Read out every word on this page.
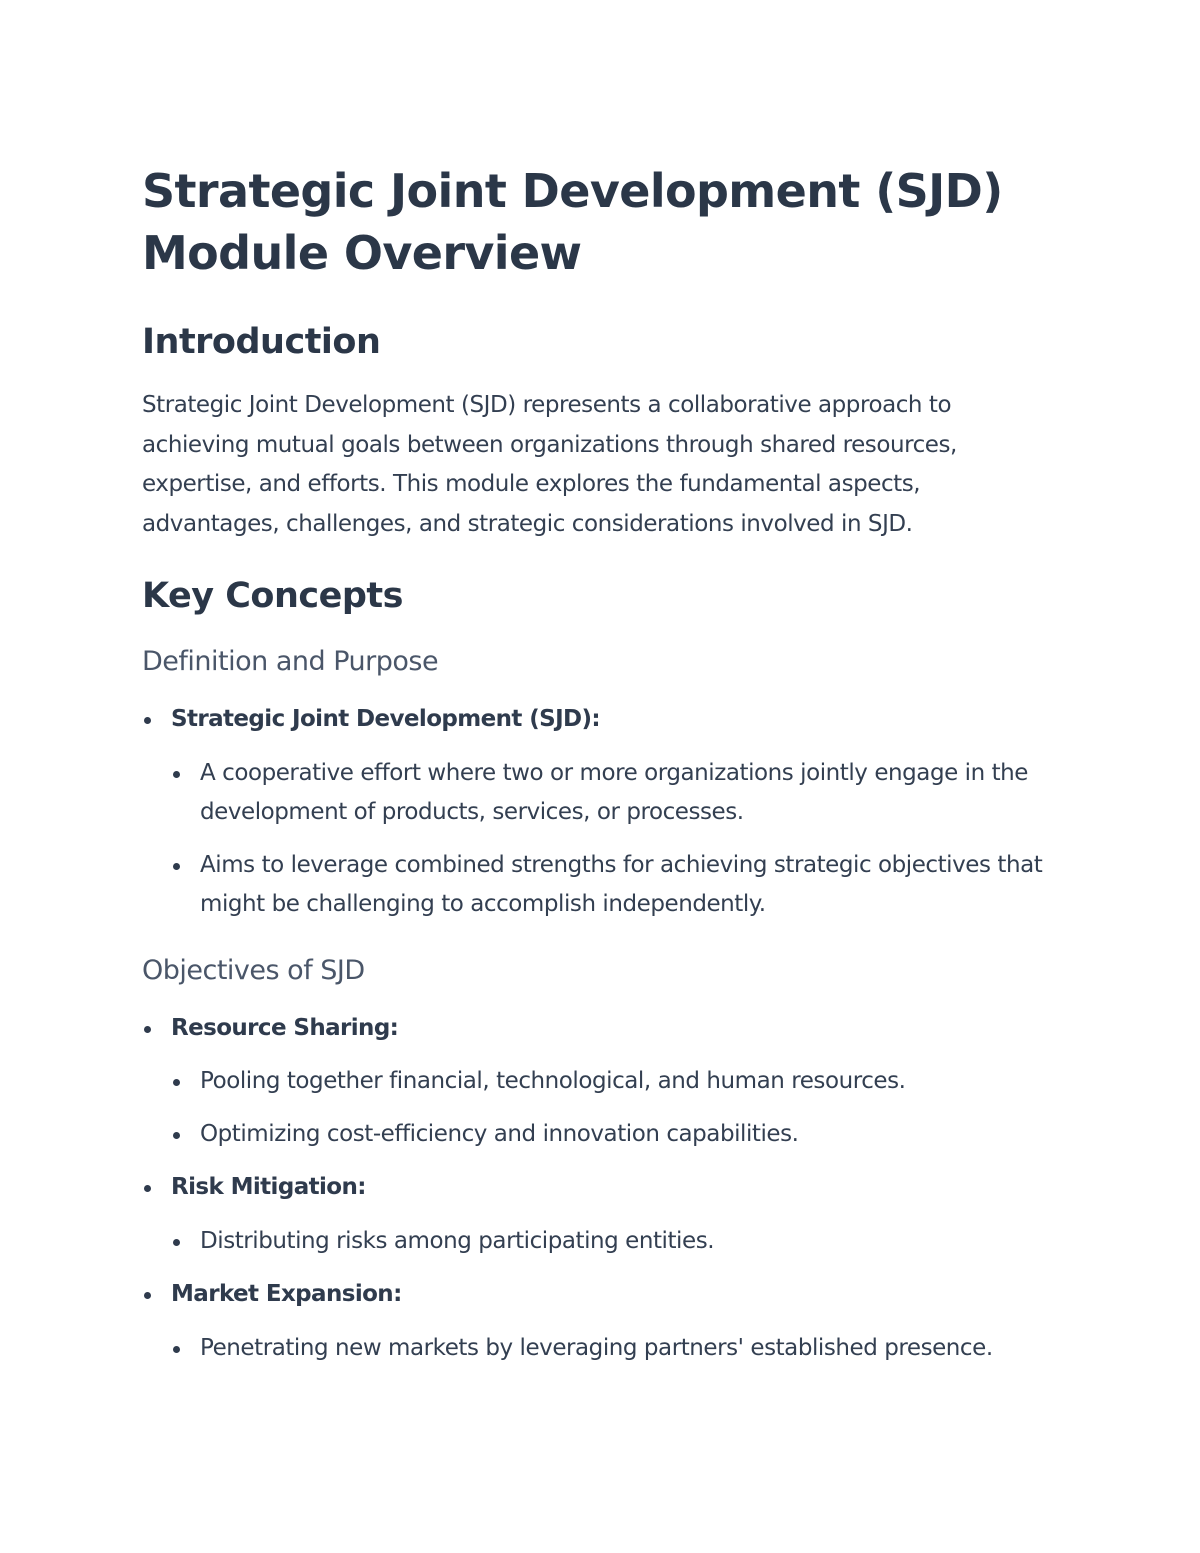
Strategic Joint Development (SJD)
Module Overview
Introduction

Strategic Joint Development (SJD) represents a collaborative approach to achieving mutual goals between organizations through shared resources, expertise, and efforts. This module explores the fundamental aspects, advantages, challenges, and strategic considerations involved in SJD.

Key Concepts
Definition and Purpose
Strategic Joint Development (SJD):
A cooperative effort where two or more organizations jointly engage in the development of products, services, or processes.
Aims to leverage combined strengths for achieving strategic objectives that might be challenging to accomplish independently.
Objectives of SJD
Resource Sharing:
Pooling together financial, technological, and human resources.
Optimizing cost-efficiency and innovation capabilities.
Risk Mitigation:
Distributing risks among participating entities.
Market Expansion:
Penetrating new markets by leveraging partners' established presence.
